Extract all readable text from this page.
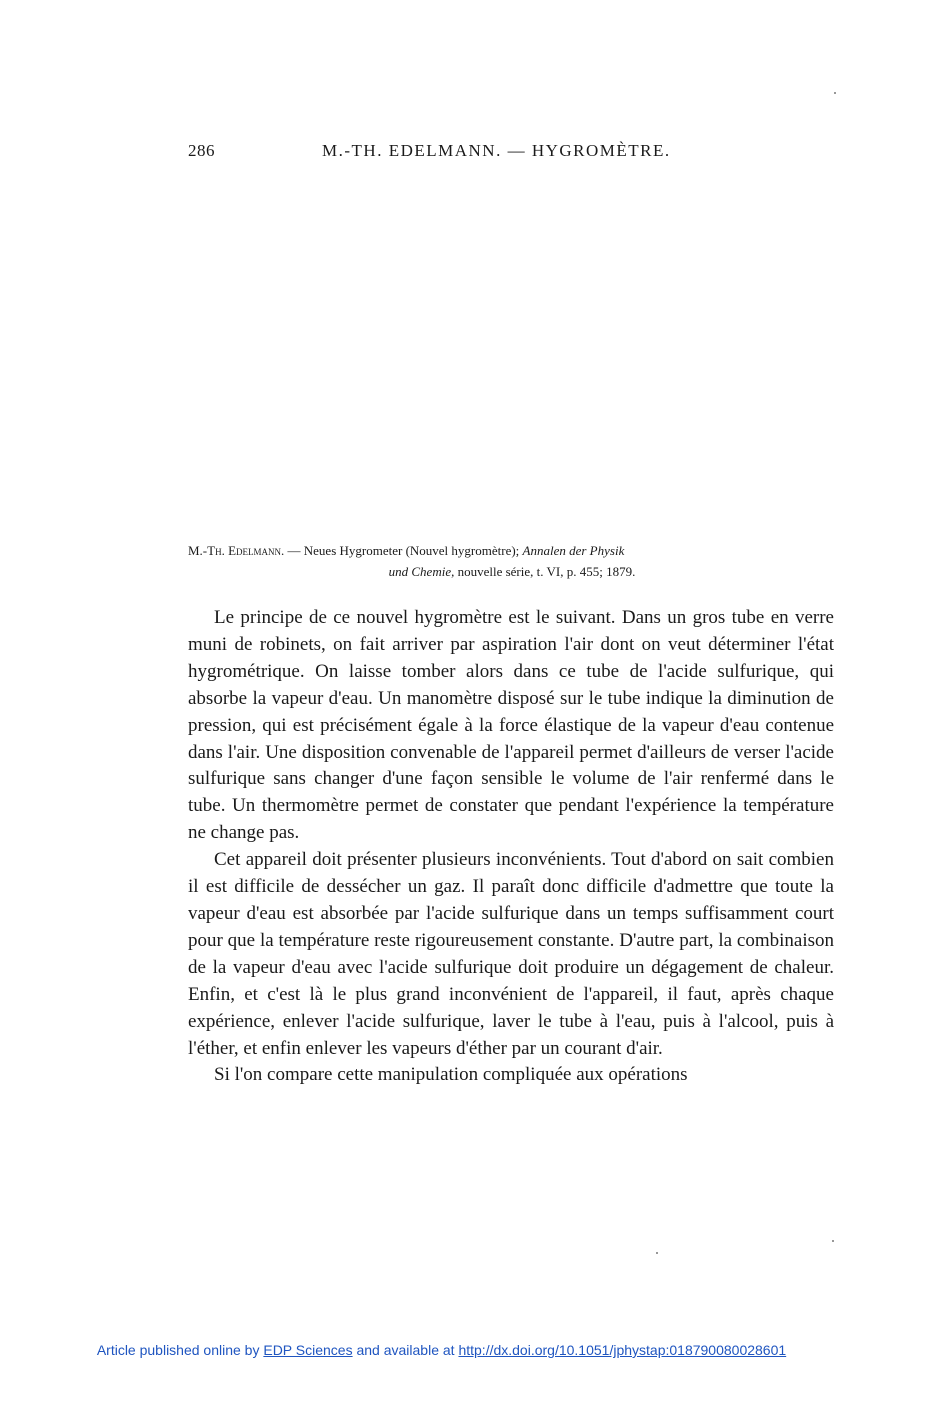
286	M.-TH. EDELMANN. — HYGROMÈTRE.
M.-Th. Edelmann. — Neues Hygrometer (Nouvel hygromètre); Annalen der Physik
und Chemie, nouvelle série, t. VI, p. 455; 1879.

Le principe de ce nouvel hygromètre est le suivant. Dans un gros tube en verre muni de robinets, on fait arriver par aspiration l'air dont on veut déterminer l'état hygrométrique. On laisse tomber alors dans ce tube de l'acide sulfurique, qui absorbe la vapeur d'eau. Un manomètre disposé sur le tube indique la diminution de pression, qui est précisément égale à la force élastique de la vapeur d'eau contenue dans l'air. Une disposition convenable de l'appareil permet d'ailleurs de verser l'acide sulfurique sans changer d'une façon sensible le volume de l'air renfermé dans le tube. Un thermomètre permet de constater que pendant l'expérience la température ne change pas.

Cet appareil doit présenter plusieurs inconvénients. Tout d'abord on sait combien il est difficile de dessécher un gaz. Il paraît donc difficile d'admettre que toute la vapeur d'eau est absorbée par l'acide sulfurique dans un temps suffisamment court pour que la température reste rigoureusement constante. D'autre part, la combinaison de la vapeur d'eau avec l'acide sulfurique doit produire un dégagement de chaleur. Enfin, et c'est là le plus grand inconvénient de l'appareil, il faut, après chaque expérience, enlever l'acide sulfurique, laver le tube à l'eau, puis à l'alcool, puis à l'éther, et enfin enlever les vapeurs d'éther par un courant d'air.

Si l'on compare cette manipulation compliquée aux opérations

Article published online by EDP Sciences and available at http://dx.doi.org/10.1051/jphystap:018790080028601
